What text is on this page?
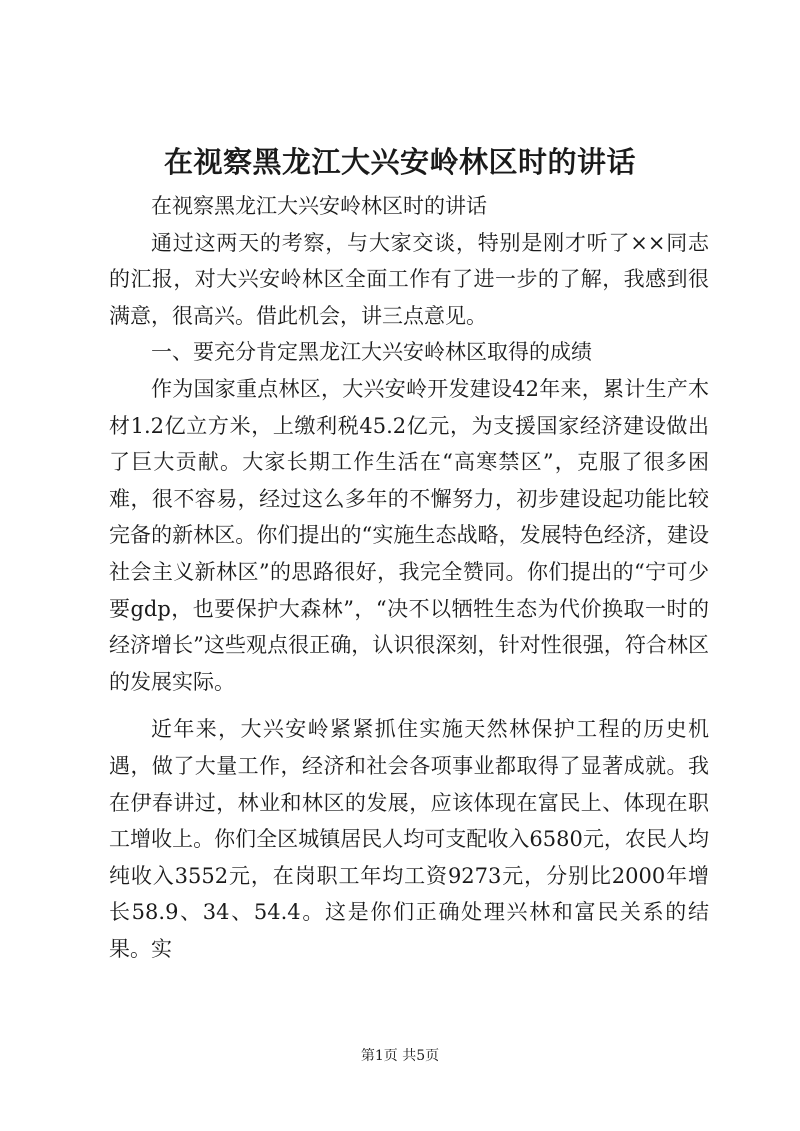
在视察黑龙江大兴安岭林区时的讲话

在视察黑龙江大兴安岭林区时的讲话

通过这两天的考察，与大家交谈，特别是刚才听了××同志的汇报，对大兴安岭林区全面工作有了进一步的了解，我感到很满意，很高兴。借此机会，讲三点意见。

一、要充分肯定黑龙江大兴安岭林区取得的成绩

作为国家重点林区，大兴安岭开发建设42年来，累计生产木材1.2亿立方米，上缴利税45.2亿元，为支援国家经济建设做出了巨大贡献。大家长期工作生活在“高寒禁区”，克服了很多困难，很不容易，经过这么多年的不懈努力，初步建设起功能比较完备的新林区。你们提出的“实施生态战略，发展特色经济，建设社会主义新林区”的思路很好，我完全赞同。你们提出的“宁可少要gdp，也要保护大森林”，“决不以牺牲生态为代价换取一时的经济增长”这些观点很正确，认识很深刻，针对性很强，符合林区的发展实际。

近年来，大兴安岭紧紧抓住实施天然林保护工程的历史机遇，做了大量工作，经济和社会各项事业都取得了显著成就。我在伊春讲过，林业和林区的发展，应该体现在富民上、体现在职工增收上。你们全区城镇居民人均可支配收入6580元，农民人均纯收入3552元，在岗职工年均工资9273元，分别比2000年增长58.9、34、54.4。这是你们正确处理兴林和富民关系的结果。实

第1页 共5页
